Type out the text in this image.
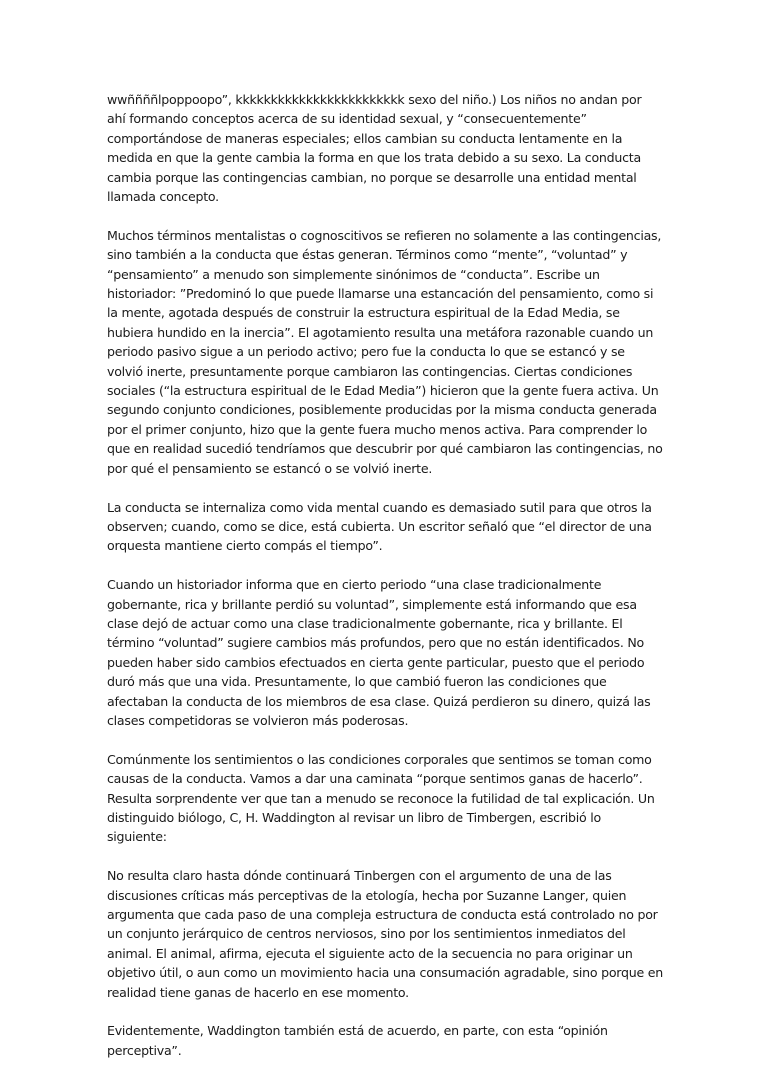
wwññññlpoppoopo”, kkkkkkkkkkkkkkkkkkkkkkkk sexo del niño.) Los niños no andan por ahí formando conceptos acerca de su identidad sexual, y “consecuentemente” comportándose de maneras especiales; ellos cambian su conducta lentamente en la medida en que la gente cambia la forma en que los trata debido a su sexo. La conducta cambia porque las contingencias cambian, no porque se desarrolle una entidad mental llamada concepto.

Muchos términos mentalistas o cognoscitivos se refieren no solamente a las contingencias, sino también a la conducta que éstas generan. Términos como “mente”, “voluntad” y “pensamiento” a menudo son simplemente sinónimos de “conducta”. Escribe un historiador: ”Predominó lo que puede llamarse una estancación del pensamiento, como si la mente, agotada después de construir la estructura espiritual de la Edad Media, se hubiera hundido en la inercia”. El agotamiento resulta una metáfora razonable cuando un periodo pasivo sigue a un periodo activo; pero fue la conducta lo que se estancó y se volvió inerte, presuntamente porque cambiaron las contingencias. Ciertas condiciones sociales (“la estructura espiritual de le Edad Media”) hicieron que la gente fuera activa. Un segundo conjunto condiciones, posiblemente producidas por la misma conducta generada por el primer conjunto, hizo que la gente fuera mucho menos activa. Para comprender lo que en realidad sucedió tendríamos que descubrir por qué cambiaron las contingencias, no por qué el pensamiento se estancó o se volvió inerte.

La conducta se internaliza como vida mental cuando es demasiado sutil para que otros la observen; cuando, como se dice, está cubierta. Un escritor señaló que “el director de una orquesta mantiene cierto compás el tiempo”.

Cuando un historiador informa que en cierto periodo “una clase tradicionalmente gobernante, rica y brillante perdió su voluntad”, simplemente está informando que esa clase dejó de actuar como una clase tradicionalmente gobernante, rica y brillante. El término “voluntad” sugiere cambios más profundos, pero que no están identificados. No pueden haber sido cambios efectuados en cierta gente particular, puesto que el periodo duró más que una vida. Presuntamente, lo que cambió fueron las condiciones que afectaban la conducta de los miembros de esa clase. Quizá perdieron su dinero, quizá las clases competidoras se volvieron más poderosas.

Comúnmente los sentimientos o las condiciones corporales que sentimos se toman como causas de la conducta. Vamos a dar una caminata “porque sentimos ganas de hacerlo”. Resulta sorprendente ver que tan a menudo se reconoce la futilidad de tal explicación. Un distinguido biólogo, C, H. Waddington al revisar un libro de Timbergen, escribió lo siguiente:

No resulta claro hasta dónde continuará Tinbergen con el argumento de una de las discusiones críticas más perceptivas de la etología, hecha por Suzanne Langer, quien argumenta que cada paso de una compleja estructura de conducta está controlado no por un conjunto jerárquico de centros nerviosos, sino por los sentimientos inmediatos del animal. El animal, afirma, ejecuta el siguiente acto de la secuencia no para originar un objetivo útil, o aun como un movimiento hacia una consumación agradable, sino porque en realidad tiene ganas de hacerlo en ese momento.

Evidentemente, Waddington también está de acuerdo, en parte, con esta “opinión perceptiva”.
